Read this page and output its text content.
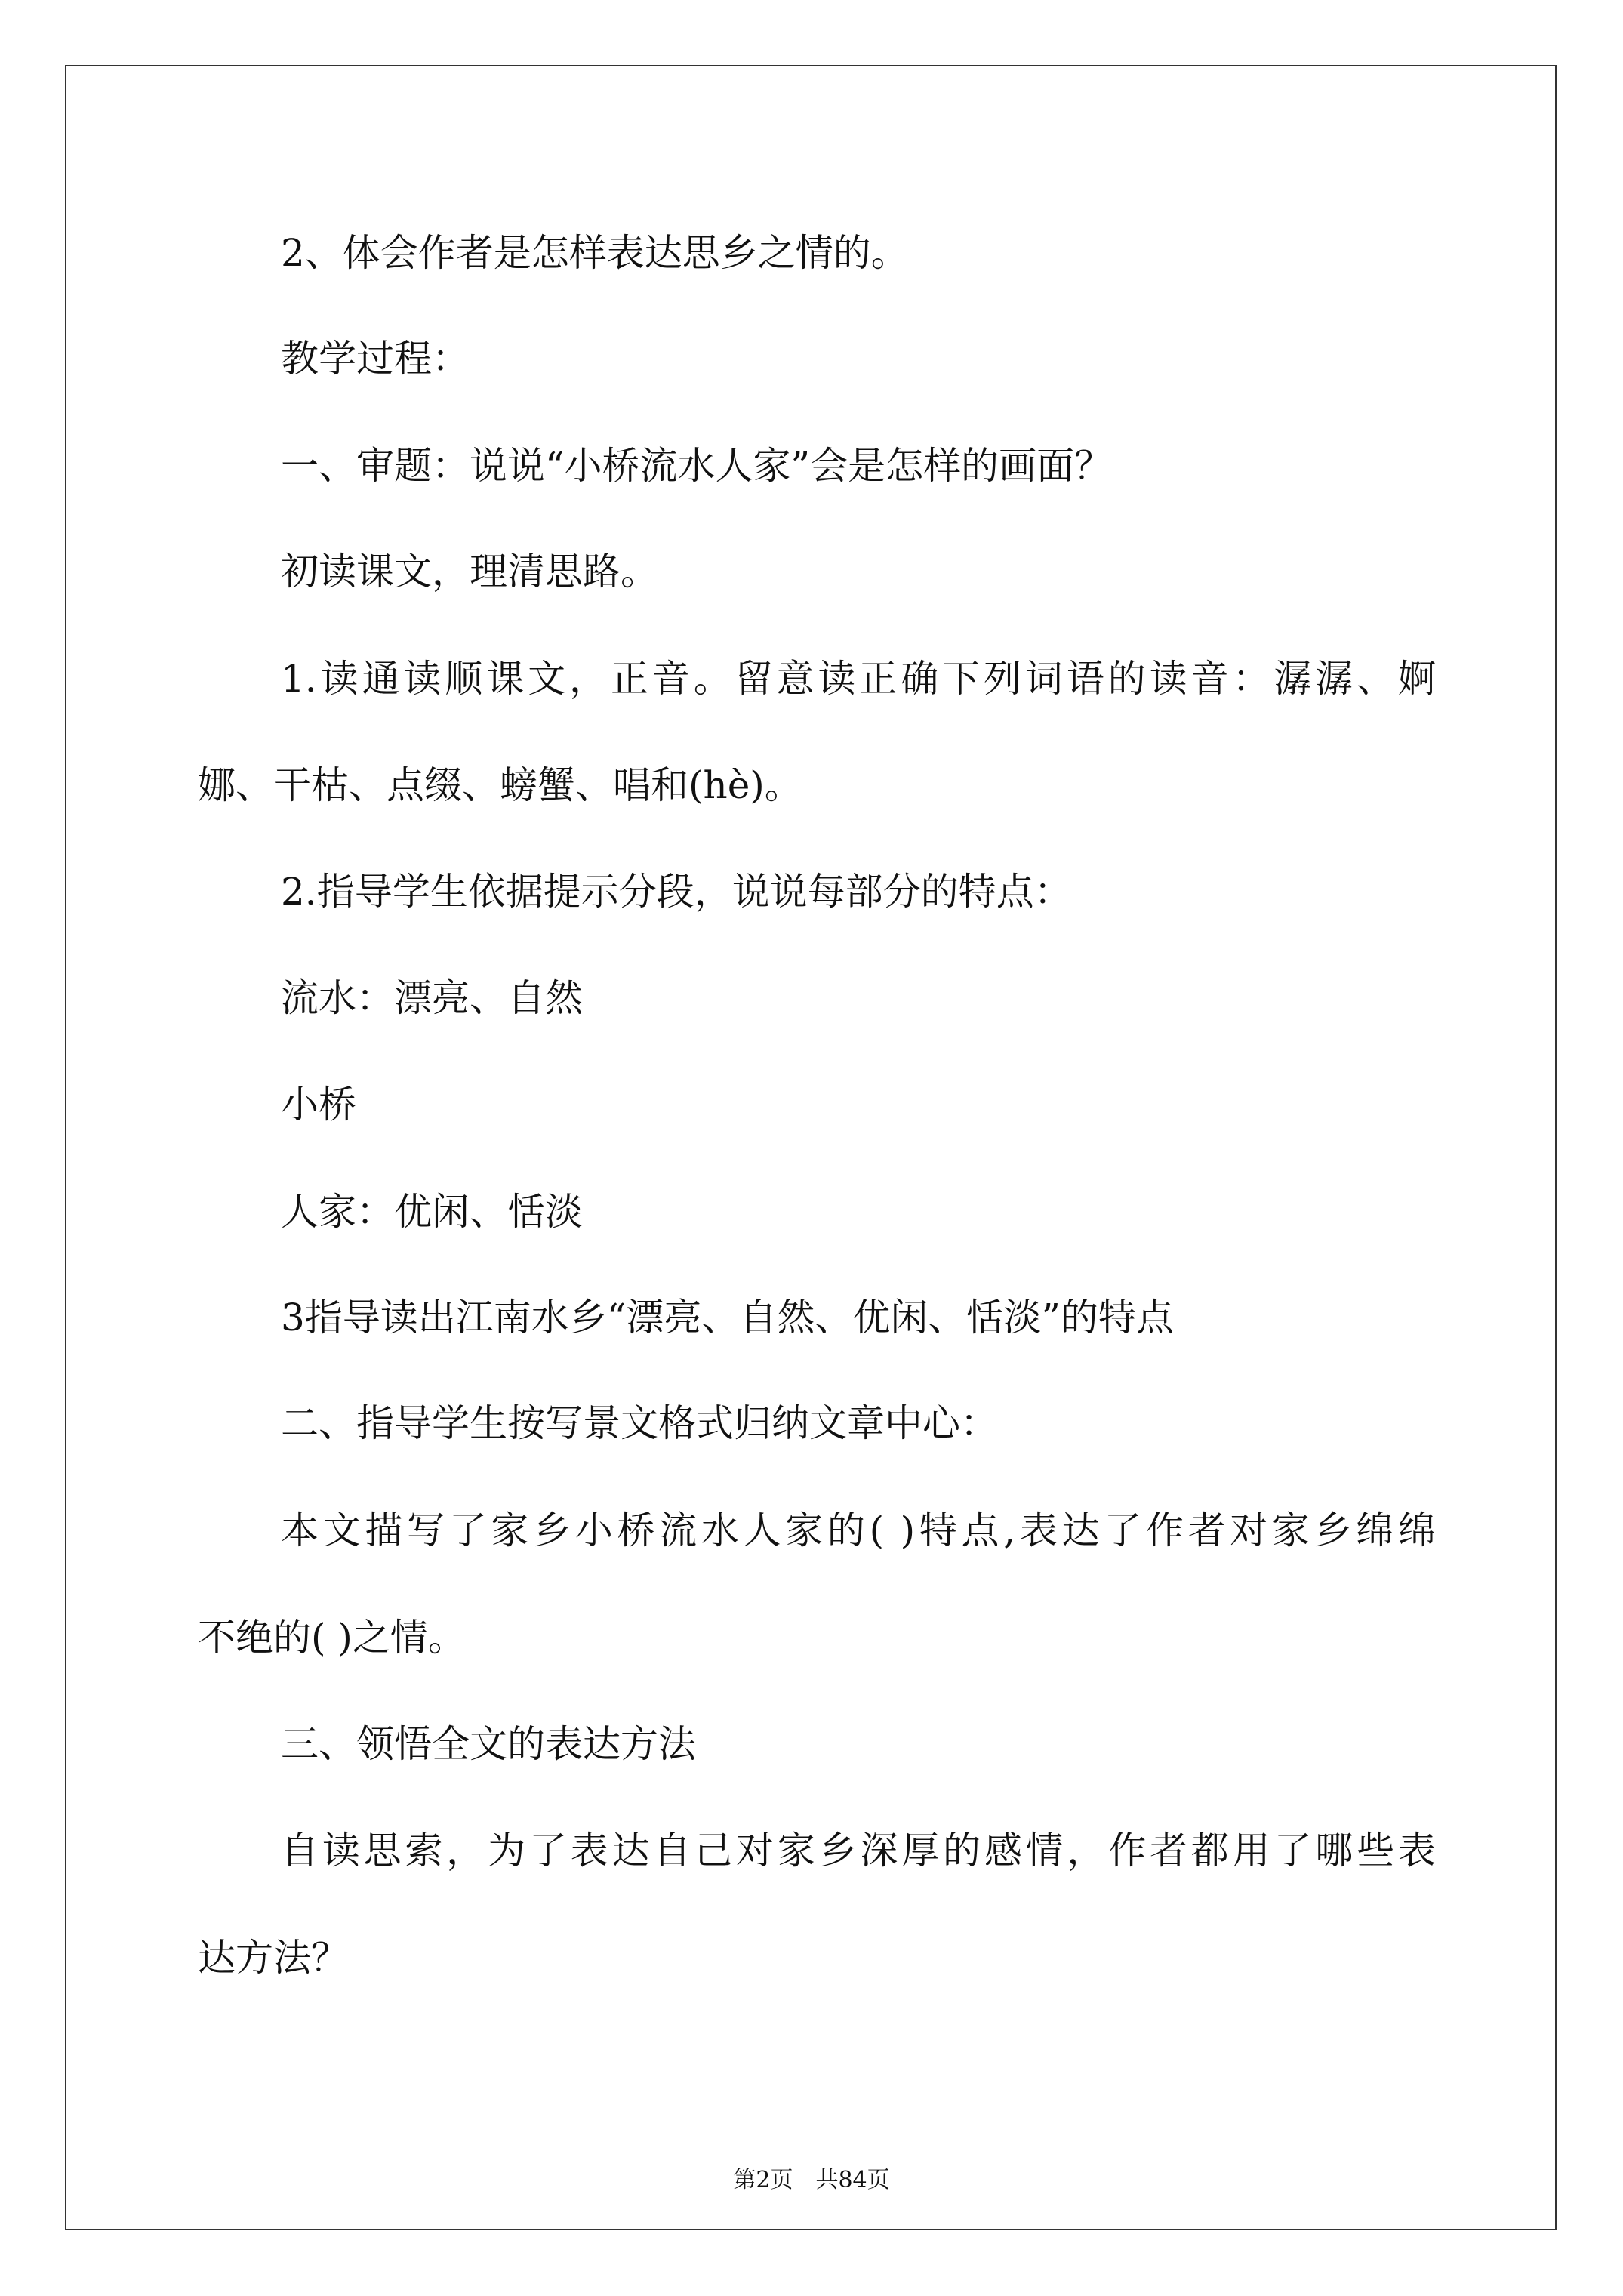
2、体会作者是怎样表达思乡之情的。
教学过程：
一、审题：说说“小桥流水人家”会是怎样的画面？
初读课文，理清思路。
1.读通读顺课文，正音。留意读正确下列词语的读音：潺潺、婀
娜、干枯、点缀、螃蟹、唱和(hè)。
2.指导学生依据提示分段，说说每部分的特点：
流水：漂亮、自然
小桥
人家：优闲、恬淡
3指导读出江南水乡“漂亮、自然、优闲、恬淡”的特点
二、指导学生按写景文格式归纳文章中心：
本文描写了家乡小桥流水人家的( )特点,表达了作者对家乡绵绵
不绝的( )之情。
三、领悟全文的表达方法
自读思索，为了表达自己对家乡深厚的感情，作者都用了哪些表
达方法？
第2页 共84页
